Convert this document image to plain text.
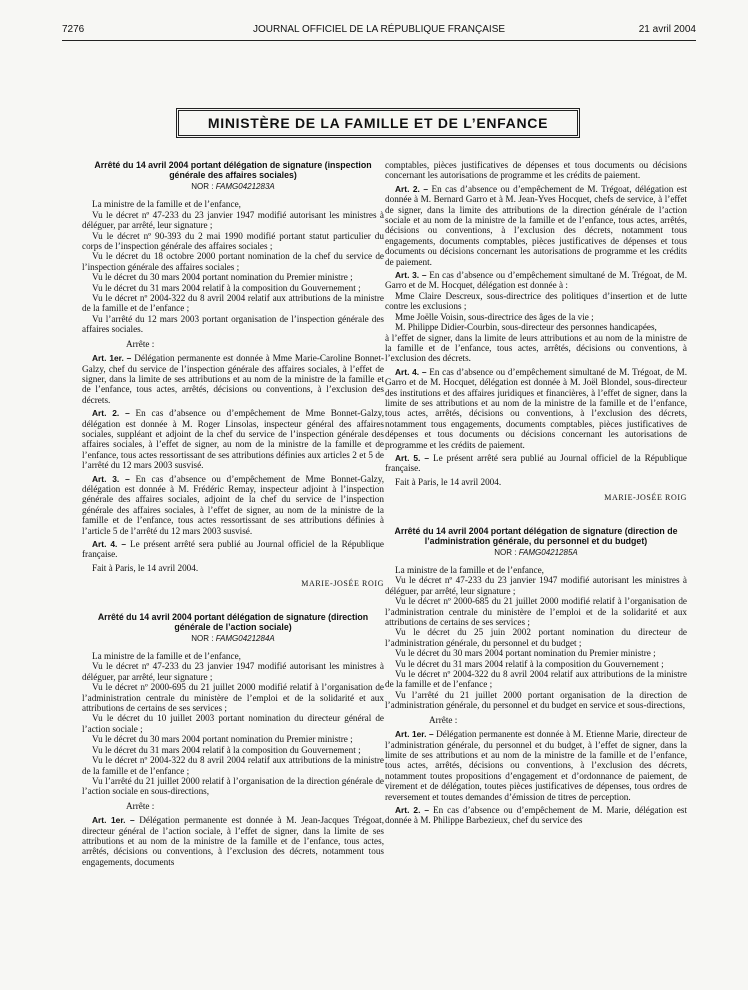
7276	JOURNAL OFFICIEL DE LA RÉPUBLIQUE FRANÇAISE	21 avril 2004
MINISTÈRE DE LA FAMILLE ET DE L’ENFANCE
Arrêté du 14 avril 2004 portant délégation de signature (inspection générale des affaires sociales)
NOR : FAMG0421283A

La ministre de la famille et de l’enfance,

Vu le décret nº 47-233 du 23 janvier 1947 modifié autorisant les ministres à déléguer, par arrêté, leur signature ;

Vu le décret nº 90-393 du 2 mai 1990 modifié portant statut particulier du corps de l’inspection générale des affaires sociales ;

Vu le décret du 18 octobre 2000 portant nomination de la chef du service de l’inspection générale des affaires sociales ;

Vu le décret du 30 mars 2004 portant nomination du Premier ministre ;

Vu le décret du 31 mars 2004 relatif à la composition du Gouvernement ;

Vu le décret nº 2004-322 du 8 avril 2004 relatif aux attributions de la ministre de la famille et de l’enfance ;

Vu l’arrêté du 12 mars 2003 portant organisation de l’inspection générale des affaires sociales.

Arrête :

Art. 1er. – Délégation permanente est donnée à Mme Marie-Caroline Bonnet-Galzy, chef du service de l’inspection générale des affaires sociales, à l’effet de signer, dans la limite de ses attributions et au nom de la ministre de la famille et de l’enfance, tous actes, arrêtés, décisions ou conventions, à l’exclusion des décrets.

Art. 2. – En cas d’absence ou d’empêchement de Mme Bonnet-Galzy, délégation est donnée à M. Roger Linsolas, inspecteur général des affaires sociales, suppléant et adjoint de la chef du service de l’inspection générale des affaires sociales, à l’effet de signer, au nom de la ministre de la famille et de l’enfance, tous actes ressortissant de ses attributions définies aux articles 2 et 5 de l’arrêté du 12 mars 2003 susvisé.

Art. 3. – En cas d’absence ou d’empêchement de Mme Bonnet-Galzy, délégation est donnée à M. Frédéric Remay, inspecteur adjoint à l’inspection générale des affaires sociales, adjoint de la chef du service de l’inspection générale des affaires sociales, à l’effet de signer, au nom de la ministre de la famille et de l’enfance, tous actes ressortissant de ses attributions définies à l’article 5 de l’arrêté du 12 mars 2003 susvisé.

Art. 4. – Le présent arrêté sera publié au Journal officiel de la République française.

Fait à Paris, le 14 avril 2004.

MARIE-JOSÉE ROIG
Arrêté du 14 avril 2004 portant délégation de signature (direction générale de l’action sociale)
NOR : FAMG0421284A

La ministre de la famille et de l’enfance,

Vu le décret nº 47-233 du 23 janvier 1947 modifié autorisant les ministres à déléguer, par arrêté, leur signature ;

Vu le décret nº 2000-695 du 21 juillet 2000 modifié relatif à l’organisation de l’administration centrale du ministère de l’emploi et de la solidarité et aux attributions de certains de ses services ;

Vu le décret du 10 juillet 2003 portant nomination du directeur général de l’action sociale ;

Vu le décret du 30 mars 2004 portant nomination du Premier ministre ;

Vu le décret du 31 mars 2004 relatif à la composition du Gouvernement ;

Vu le décret nº 2004-322 du 8 avril 2004 relatif aux attributions de la ministre de la famille et de l’enfance ;

Vu l’arrêté du 21 juillet 2000 relatif à l’organisation de la direction générale de l’action sociale en sous-directions,

Arrête :

Art. 1er. – Délégation permanente est donnée à M. Jean-Jacques Trégoat, directeur général de l’action sociale, à l’effet de signer, dans la limite de ses attributions et au nom de la ministre de la famille et de l’enfance, tous actes, arrêtés, décisions ou conventions, à l’exclusion des décrets, notamment tous engagements, documents

comptables, pièces justificatives de dépenses et tous documents ou décisions concernant les autorisations de programme et les crédits de paiement.

Art. 2. – En cas d’absence ou d’empêchement de M. Trégoat, délégation est donnée à M. Bernard Garro et à M. Jean-Yves Hocquet, chefs de service, à l’effet de signer, dans la limite des attributions de la direction générale de l’action sociale et au nom de la ministre de la famille et de l’enfance, tous actes, arrêtés, décisions ou conventions, à l’exclusion des décrets, notamment tous engagements, documents comptables, pièces justificatives de dépenses et tous documents ou décisions concernant les autorisations de programme et les crédits de paiement.

Art. 3. – En cas d’absence ou d’empêchement simultané de M. Trégoat, de M. Garro et de M. Hocquet, délégation est donnée à :

Mme Claire Descreux, sous-directrice des politiques d’insertion et de lutte contre les exclusions ;

Mme Joëlle Voisin, sous-directrice des âges de la vie ;

M. Philippe Didier-Courbin, sous-directeur des personnes handicapées,

à l’effet de signer, dans la limite de leurs attributions et au nom de la ministre de la famille et de l’enfance, tous actes, arrêtés, décisions ou conventions, à l’exclusion des décrets.

Art. 4. – En cas d’absence ou d’empêchement simultané de M. Trégoat, de M. Garro et de M. Hocquet, délégation est donnée à M. Joël Blondel, sous-directeur des institutions et des affaires juridiques et financières, à l’effet de signer, dans la limite de ses attributions et au nom de la ministre de la famille et de l’enfance, tous actes, arrêtés, décisions ou conventions, à l’exclusion des décrets, notamment tous engagements, documents comptables, pièces justificatives de dépenses et tous documents ou décisions concernant les autorisations de programme et les crédits de paiement.

Art. 5. – Le présent arrêté sera publié au Journal officiel de la République française.

Fait à Paris, le 14 avril 2004.

MARIE-JOSÉE ROIG
Arrêté du 14 avril 2004 portant délégation de signature (direction de l’administration générale, du personnel et du budget)
NOR : FAMG0421285A

La ministre de la famille et de l’enfance,

Vu le décret nº 47-233 du 23 janvier 1947 modifié autorisant les ministres à déléguer, par arrêté, leur signature ;

Vu le décret nº 2000-685 du 21 juillet 2000 modifié relatif à l’organisation de l’administration centrale du ministère de l’emploi et de la solidarité et aux attributions de certains de ses services ;

Vu le décret du 25 juin 2002 portant nomination du directeur de l’administration générale, du personnel et du budget ;

Vu le décret du 30 mars 2004 portant nomination du Premier ministre ;

Vu le décret du 31 mars 2004 relatif à la composition du Gouvernement ;

Vu le décret nº 2004-322 du 8 avril 2004 relatif aux attributions de la ministre de la famille et de l’enfance ;

Vu l’arrêté du 21 juillet 2000 portant organisation de la direction de l’administration générale, du personnel et du budget en service et sous-directions,

Arrête :

Art. 1er. – Délégation permanente est donnée à M. Etienne Marie, directeur de l’administration générale, du personnel et du budget, à l’effet de signer, dans la limite de ses attributions et au nom de la ministre de la famille et de l’enfance, tous actes, arrêtés, décisions ou conventions, à l’exclusion des décrets, notamment toutes propositions d’engagement et d’ordonnance de paiement, de virement et de délégation, toutes pièces justificatives de dépenses, tous ordres de reversement et toutes demandes d’émission de titres de perception.

Art. 2. – En cas d’absence ou d’empêchement de M. Marie, délégation est donnée à M. Philippe Barbezieux, chef du service des
